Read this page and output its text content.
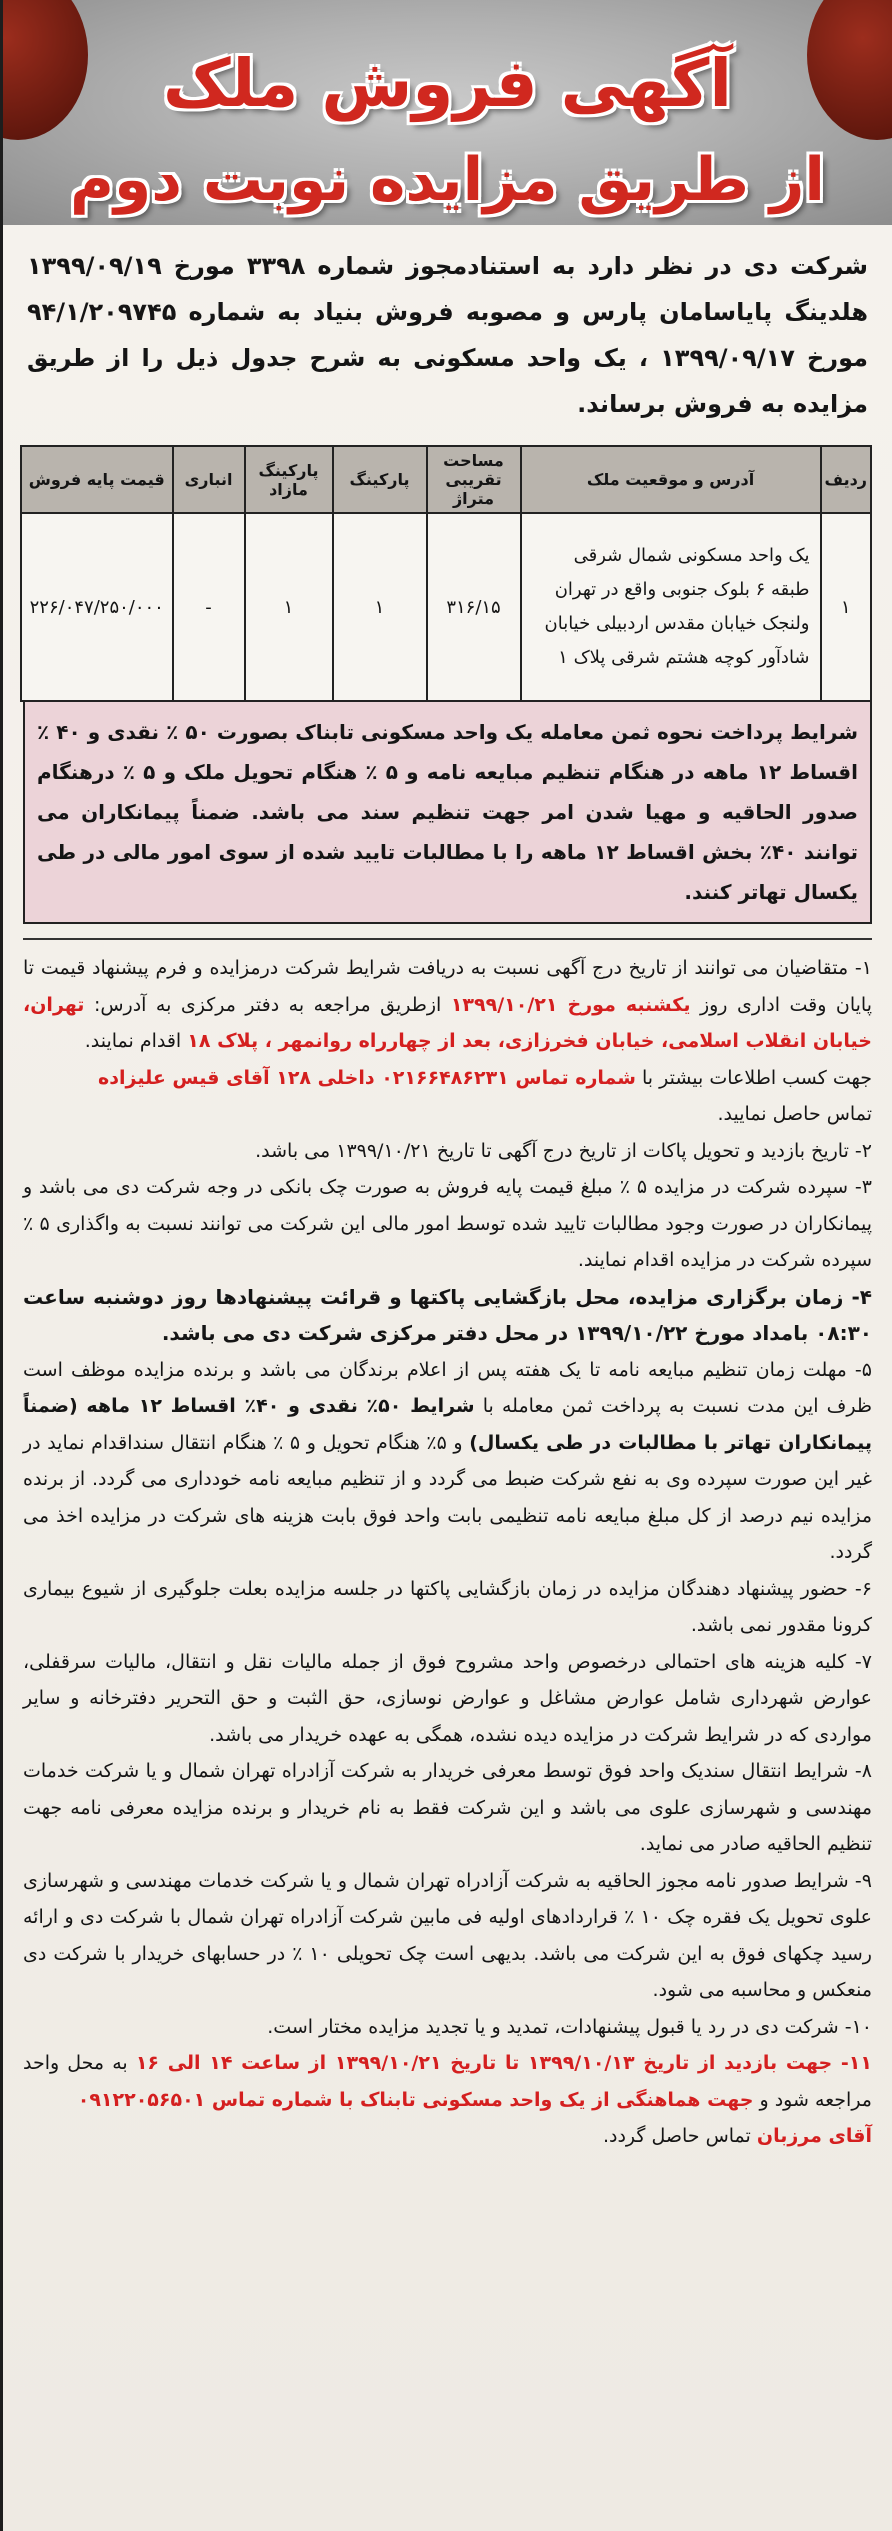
آگهی فروش ملک
از طریق مزایده نوبت دوم

شرکت دی در نظر دارد به استنادمجوز شماره ۳۳۹۸ مورخ ۱۳۹۹/۰۹/۱۹ هلدینگ پایاسامان پارس و مصوبه فروش بنیاد به شماره ۹۴/۱/۲۰۹۷۴۵ مورخ ۱۳۹۹/۰۹/۱۷ ، یک واحد مسکونی به شرح جدول ذیل را از طریق مزایده به فروش برساند.

ردیف	آدرس و موقعیت ملک	مساحت تقریبی متراژ	پارکینگ	پارکینگ مازاد	انباری	قیمت پایه فروش
۱	یک واحد مسکونی شمال شرقی طبقه ۶ بلوک جنوبی واقع در تهران ولنجک خیابان مقدس اردبیلی خیابان شادآور کوچه هشتم شرقی پلاک ۱	۳۱۶/۱۵	۱	۱	-	۲۲۶/۰۴۷/۲۵۰/۰۰۰
شرایط پرداخت نحوه ثمن معامله یک واحد مسکونی تابناک بصورت ۵۰ ٪ نقدی و ۴۰ ٪ اقساط ۱۲ ماهه در هنگام تنظیم مبایعه نامه و ۵ ٪ هنگام تحویل ملک و ۵ ٪ درهنگام صدور الحاقیه و مهیا شدن امر جهت تنظیم سند می باشد. ضمناً پیمانکاران می توانند ۴۰٪ بخش اقساط ۱۲ ماهه را با مطالبات تایید شده از سوی امور مالی در طی یکسال تهاتر کنند.

۱- متقاضیان می توانند از تاریخ درج آگهی نسبت به دریافت شرایط شرکت درمزایده و فرم پیشنهاد قیمت تا پایان وقت اداری روز یکشنبه مورخ ۱۳۹۹/۱۰/۲۱ ازطریق مراجعه به دفتر مرکزی به آدرس: تهران، خیابان انقلاب اسلامی، خیابان فخرزازی، بعد از چهارراه روانمهر ، پلاک ۱۸ اقدام نمایند.
جهت کسب اطلاعات بیشتر با شماره تماس ۰۲۱۶۶۴۸۶۲۳۱ داخلی ۱۲۸ آقای قیس علیزاده
تماس حاصل نمایید.

۲- تاریخ بازدید و تحویل پاکات از تاریخ درج آگهی تا تاریخ ۱۳۹۹/۱۰/۲۱ می باشد.

۳- سپرده شرکت در مزایده ۵ ٪ مبلغ قیمت پایه فروش به صورت چک بانکی در وجه شرکت دی می باشد و پیمانکاران در صورت وجود مطالبات تایید شده توسط امور مالی این شرکت می توانند نسبت به واگذاری ۵ ٪ سپرده شرکت در مزایده اقدام نمایند.

۴- زمان برگزاری مزایده، محل بازگشایی پاکتها و قرائت پیشنهادها روز دوشنبه ساعت ۰۸:۳۰ بامداد مورخ ۱۳۹۹/۱۰/۲۲ در محل دفتر مرکزی شرکت دی می باشد.

۵- مهلت زمان تنظیم مبایعه نامه تا یک هفته پس از اعلام برندگان می باشد و برنده مزایده موظف است ظرف این مدت نسبت به پرداخت ثمن معامله با شرایط ۵۰٪ نقدی و ۴۰٪ اقساط ۱۲ ماهه (ضمناً پیمانکاران تهاتر با مطالبات در طی یکسال) و ۵٪ هنگام تحویل و ۵ ٪ هنگام انتقال سنداقدام نماید در غیر این صورت سپرده وی به نفع شرکت ضبط می گردد و از تنظیم مبایعه نامه خودداری می گردد. از برنده مزایده نیم درصد از کل مبلغ مبایعه نامه تنظیمی بابت واحد فوق بابت هزینه های شرکت در مزایده اخذ می گردد.

۶- حضور پیشنهاد دهندگان مزایده در زمان بازگشایی پاکتها در جلسه مزایده بعلت جلوگیری از شیوع بیماری کرونا مقدور نمی باشد.

۷- کلیه هزینه های احتمالی درخصوص واحد مشروح فوق از جمله مالیات نقل و انتقال، مالیات سرقفلی، عوارض شهرداری شامل عوارض مشاغل و عوارض نوسازی، حق الثبت و حق التحریر دفترخانه و سایر مواردی که در شرایط شرکت در مزایده دیده نشده، همگی به عهده خریدار می باشد.

۸- شرایط انتقال سندیک واحد فوق توسط معرفی خریدار به شرکت آزادراه تهران شمال و یا شرکت خدمات مهندسی و شهرسازی علوی می باشد و این شرکت فقط به نام خریدار و برنده مزایده معرفی نامه جهت تنظیم الحاقیه صادر می نماید.

۹- شرایط صدور نامه مجوز الحاقیه به شرکت آزادراه تهران شمال و یا شرکت خدمات مهندسی و شهرسازی علوی تحویل یک فقره چک ۱۰ ٪ قراردادهای اولیه فی مابین شرکت آزادراه تهران شمال با شرکت دی و ارائه رسید چکهای فوق به این شرکت می باشد. بدیهی است چک تحویلی ۱۰ ٪ در حسابهای خریدار با شرکت دی منعکس و محاسبه می شود.

۱۰- شرکت دی در رد یا قبول پیشنهادات، تمدید و یا تجدید مزایده مختار است.

۱۱- جهت بازدید از تاریخ ۱۳۹۹/۱۰/۱۳ تا تاریخ ۱۳۹۹/۱۰/۲۱ از ساعت ۱۴ الی ۱۶ به محل واحد مراجعه شود و جهت هماهنگی از یک واحد مسکونی تابناک با شماره تماس ۰۹۱۲۲۰۵۶۵۰۱
آقای مرزبان تماس حاصل گردد.
